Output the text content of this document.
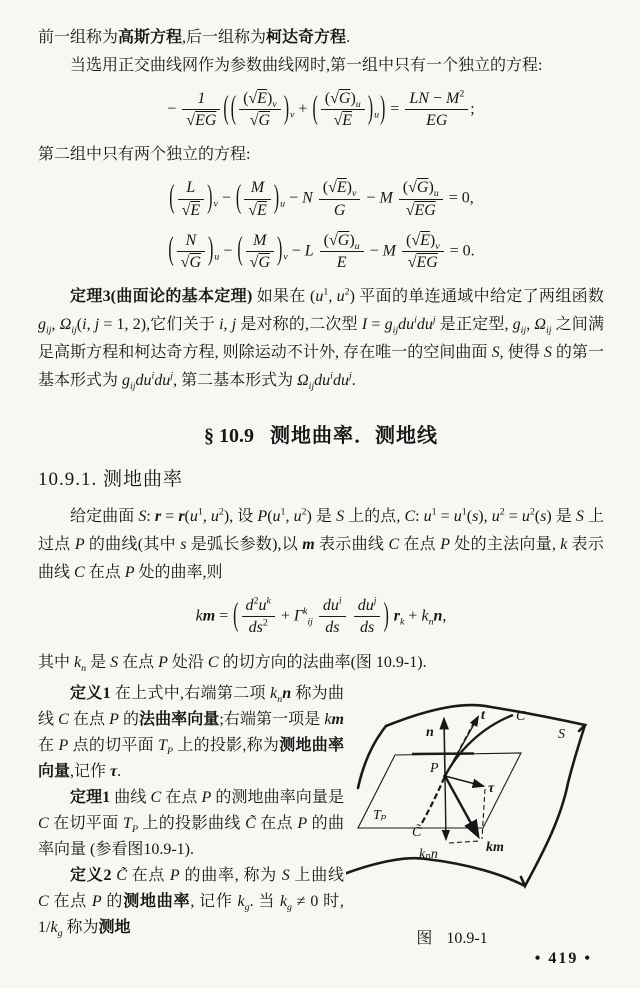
前一组称为高斯方程,后一组称为柯达奇方程.

当选用正交曲线网作为参数曲线网时,第一组中只有一个独立的方程:

− $\frac{1}{√EG}$ ( ( $\frac{(√E)_v}{√G} )_v$ + ( $\frac{(√G)_u}{√E} )_u) = \frac{LN - M^2}{EG}$ ;

第二组中只有两个独立的方程:

( $\frac{L}{√E} )_v$ − ( $\frac{M}{√E} )_u - N \frac{(√E)_v}{G} - M \frac{(√G)_u}{√EG} = 0$,
( $\frac{N}{√G} )_u$ − ( $\frac{M}{√G} )_v - L \frac{(√G)_u}{E} - M \frac{(√E)_v}{√EG} = 0$.

定理3(曲面论的基本定理) 如果在 ($u^1$, $u^2$) 平面的单连通域中给定了两组函数 $g_{ij}$, $\Omega_{ij}(i$, j = 1, 2),它们关于 i, j 是对称的,二次型 $I = g_{ij}du^idu^j$ 是正定型, $g_{ij}$, $\Omega_{ij}$ 之间满足高斯方程和柯达奇方程, 则除运动不计外, 存在唯一的空间曲面 S, 使得 S 的第一基本形式为 $g_{ij}du^idu^j$, 第二基本形式为 $\Omega_{ij}du^idu^j$.

§ 10.9 测地曲率．测地线
10.9.1. 测地曲率

给定曲面 S: $r = r(u^1$, $u^2$), 设 $P(u^1$, $u^2$) 是 S 上的点, C: $u^1 = u^1(s)$, $u^2 = u^2(s)$ 是 S 上过点 P 的曲线(其中 s 是弧长参数),以 m 表示曲线 C 在点 P 处的主法向量, k 表示曲线 C 在点 P 处的曲率,则

km = ( $\frac{d^2u^k}{ds^2} + \Gamma^k_{ij} \frac{du^i}{ds}$
$\frac{du^j}{ds}$ ) $r_k + k_nn$,

其中 $k_n$ 是 S 在点 P 处沿 C 的切方向的法曲率(图 10.9-1).

定义1 在上式中,右端第二项 $k_nn$ 称为曲线 C 在点 P 的法曲率向量;右端第一项是 km 在 P 点的切平面 $T_P$ 上的投影,称为测地曲率向量,记作 τ.

定理1 曲线 C 在点 P 的测地曲率向量是 C 在切平面 $T_P$ 上的投影曲线 C̃ 在点 P 的曲率向量 (参看图10.9-1).

定义2 C̃ 在点 P 的曲率, 称为 S 上曲线 C 在点 P 的测地曲率, 记作 $k_g$. 当 $k_g \ne 0$ 时, $1/k_g$ 称为测地

n
t C
S
P
τ
C̃
Tₚ
kₙn	km
图 10.9-1
• 419 •
